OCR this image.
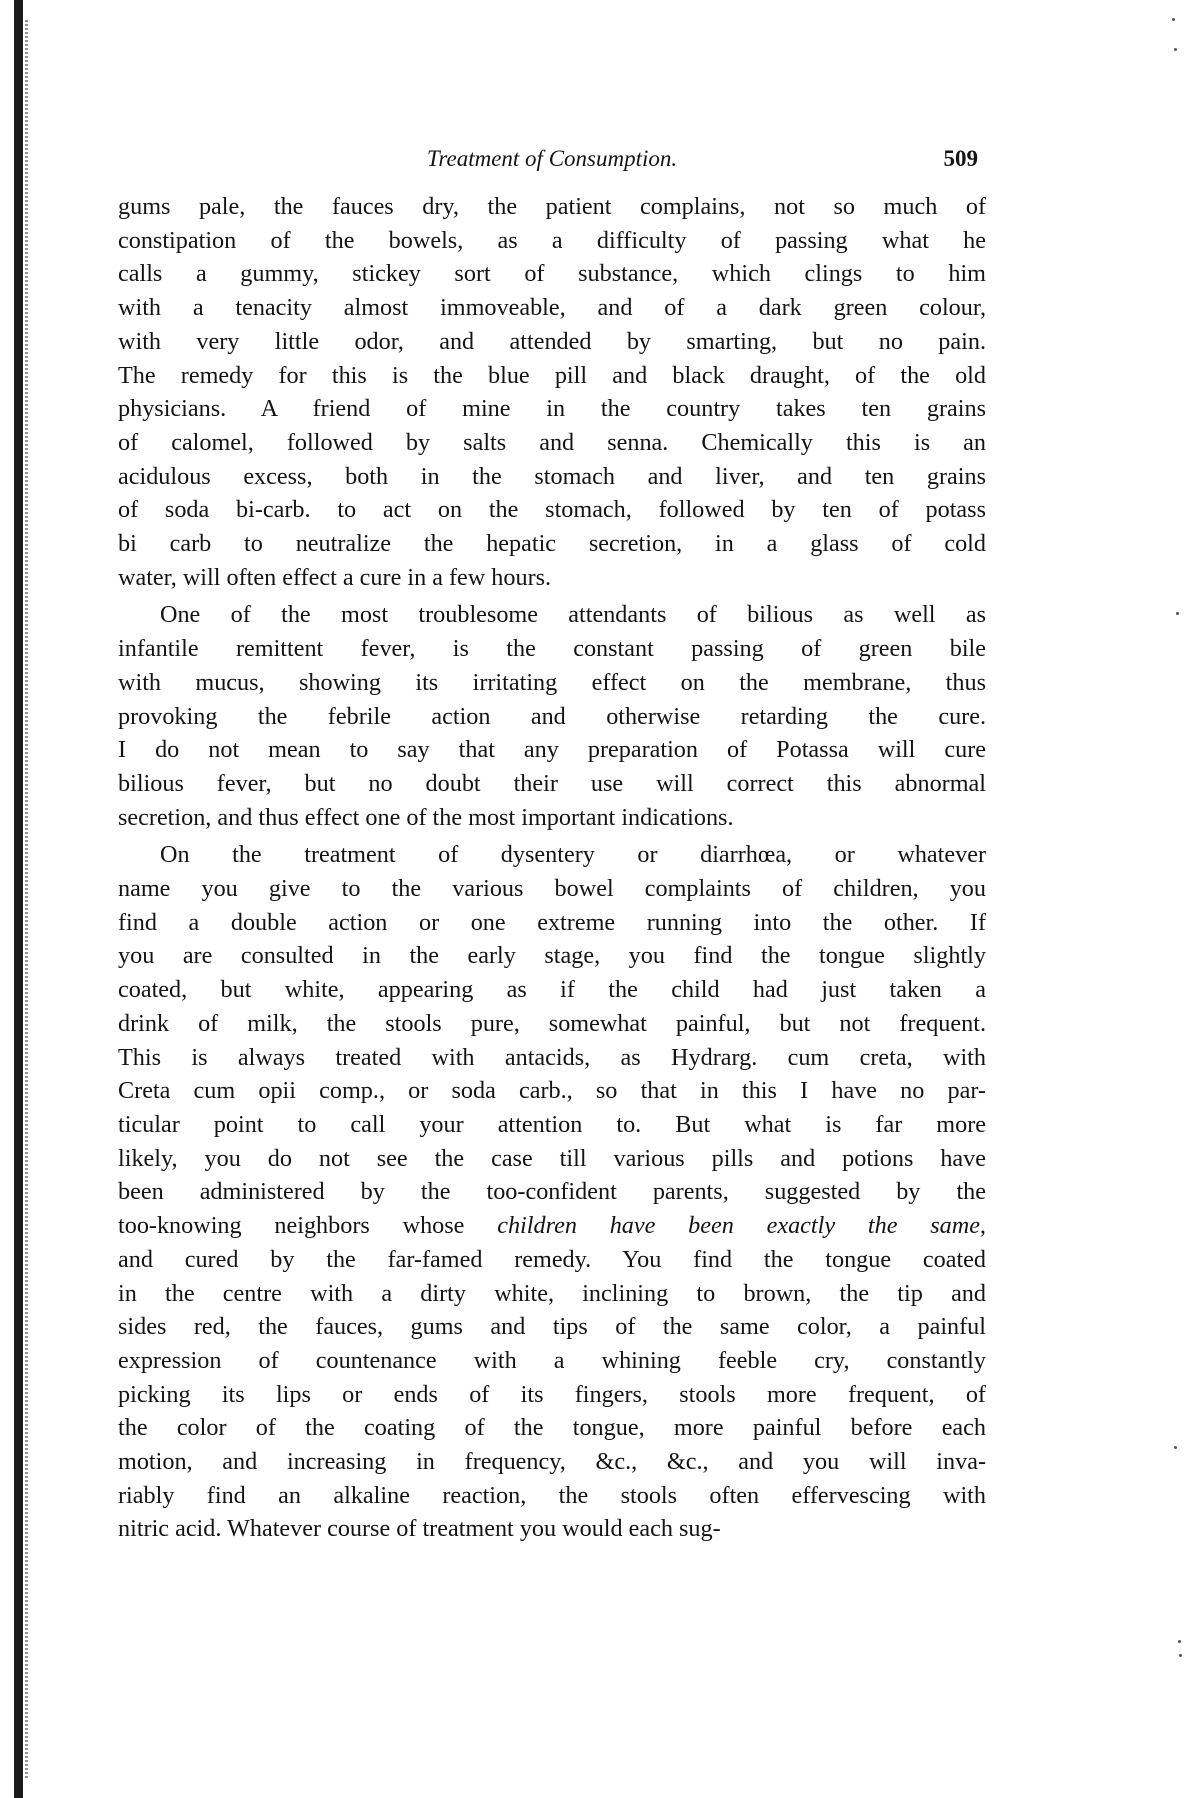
Treatment of Consumption.	509
gums pale, the fauces dry, the patient complains, not so much of
constipation of the bowels, as a difficulty of passing what he
calls a gummy, stickey sort of substance, which clings to him
with a tenacity almost immoveable, and of a dark green colour,
with very little odor, and attended by smarting, but no pain.
The remedy for this is the blue pill and black draught, of the old
physicians. A friend of mine in the country takes ten grains
of calomel, followed by salts and senna. Chemically this is an
acidulous excess, both in the stomach and liver, and ten grains
of soda bi-carb. to act on the stomach, followed by ten of potass
bi carb to neutralize the hepatic secretion, in a glass of cold
water, will often effect a cure in a few hours.
One of the most troublesome attendants of bilious as well as
infantile remittent fever, is the constant passing of green bile
with mucus, showing its irritating effect on the membrane, thus
provoking the febrile action and otherwise retarding the cure.
I do not mean to say that any preparation of Potassa will cure
bilious fever, but no doubt their use will correct this abnormal
secretion, and thus effect one of the most important indications.
On the treatment of dysentery or diarrhœa, or whatever
name you give to the various bowel complaints of children, you
find a double action or one extreme running into the other. If
you are consulted in the early stage, you find the tongue slightly
coated, but white, appearing as if the child had just taken a
drink of milk, the stools pure, somewhat painful, but not frequent.
This is always treated with antacids, as Hydrarg. cum creta, with
Creta cum opii comp., or soda carb., so that in this I have no par-
ticular point to call your attention to. But what is far more
likely, you do not see the case till various pills and potions have
been administered by the too-confident parents, suggested by the
too-knowing neighbors whose children have been exactly the same,
and cured by the far-famed remedy. You find the tongue coated
in the centre with a dirty white, inclining to brown, the tip and
sides red, the fauces, gums and tips of the same color, a painful
expression of countenance with a whining feeble cry, constantly
picking its lips or ends of its fingers, stools more frequent, of
the color of the coating of the tongue, more painful before each
motion, and increasing in frequency, &c., &c., and you will inva-
riably find an alkaline reaction, the stools often effervescing with
nitric acid. Whatever course of treatment you would each sug-
